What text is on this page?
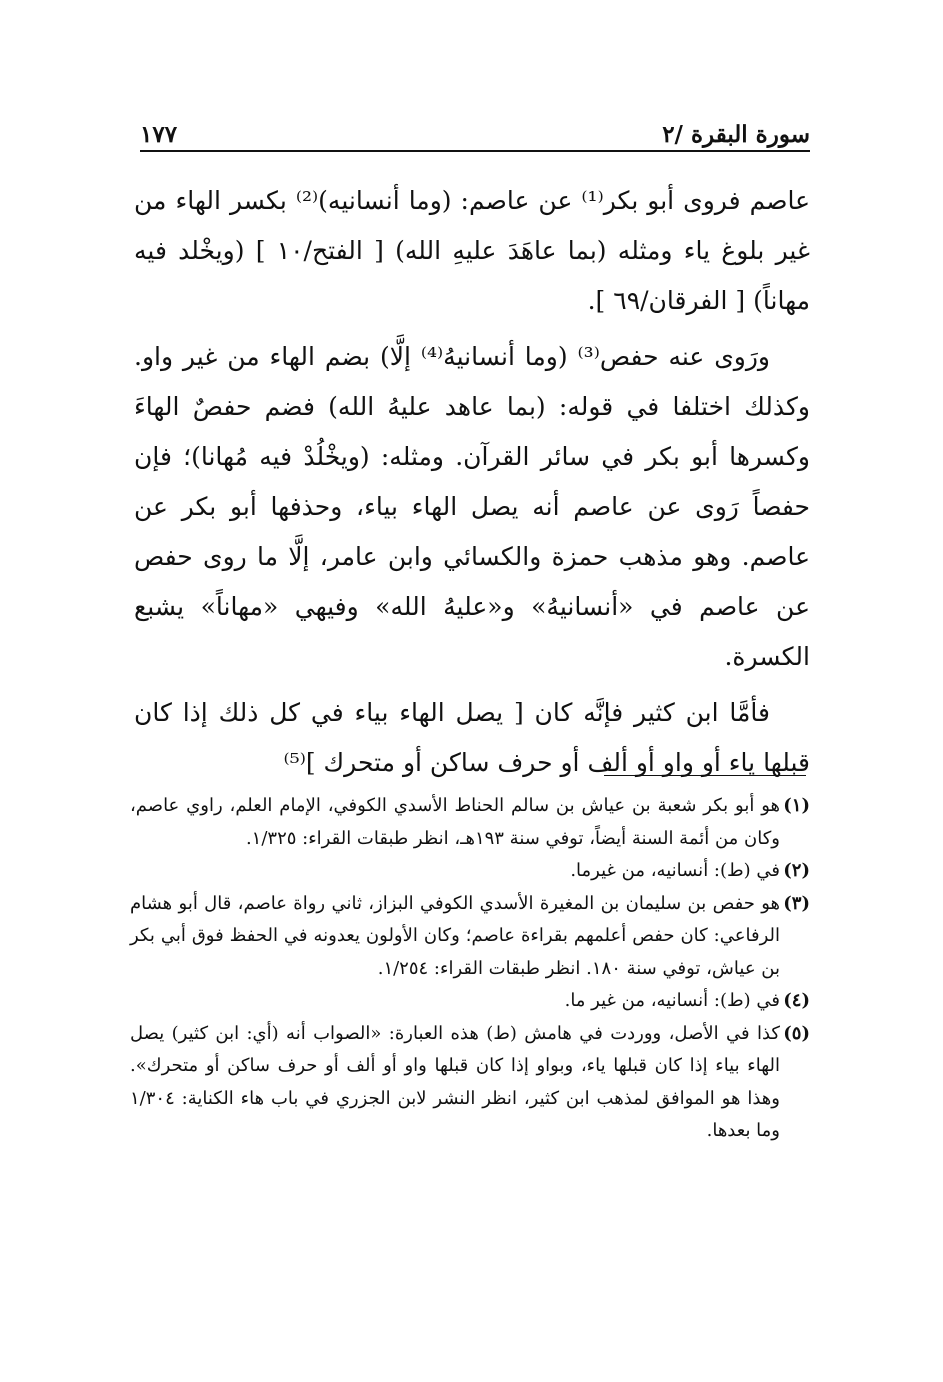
سورة البقرة /٢
١٧٧

عاصم فروى أبو بكر⁽¹⁾ عن عاصم: (وما أنسانيه)⁽²⁾ بكسر الهاء من غير بلوغ ياء ومثله (بما عاهَدَ عليهِ الله) [ الفتح/١٠ ] (ويخْلد فيه مهاناً) [ الفرقان/٦٩ ].

ورَوى عنه حفص⁽³⁾ (وما أنسانيهُ⁽⁴⁾ إلَّا) بضم الهاء من غير واو. وكذلك اختلفا في قوله: (بما عاهد عليهُ الله) فضم حفصٌ الهاءَ وكسرها أبو بكر في سائر القرآن. ومثله: (ويخْلُدْ فيه مُهانا)؛ فإن حفصاً رَوى عن عاصم أنه يصل الهاء بياء، وحذفها أبو بكر عن عاصم. وهو مذهب حمزة والكسائي وابن عامر، إلَّا ما روى حفص عن عاصم في «أنسانيهُ» و«عليهُ الله» وفيهي «مهاناً» يشبع الكسرة.

فأمَّا ابن كثير فإنَّه كان [ يصل الهاء بياء في كل ذلك إذا كان قبلها ياء أو واو أو ألف أو حرف ساكن أو متحرك ]⁽⁵⁾

(١)
هو أبو بكر شعبة بن عياش بن سالم الحناط الأسدي الكوفي، الإمام العلم، راوي عاصم، وكان من أئمة السنة أيضاً، توفي سنة ١٩٣هـ، انظر طبقات القراء: ١/٣٢٥.
(٢)
في (ط): أنسانيه، من غيرما.
(٣)
هو حفص بن سليمان بن المغيرة الأسدي الكوفي البزاز، ثاني رواة عاصم، قال أبو هشام الرفاعي: كان حفص أعلمهم بقراءة عاصم؛ وكان الأولون يعدونه في الحفظ فوق أبي بكر بن عياش، توفي سنة ١٨٠. انظر طبقات القراء: ١/٢٥٤.
(٤)
في (ط): أنسانيه، من غير ما.
(٥)
كذا في الأصل، ووردت في هامش (ط) هذه العبارة: «الصواب أنه (أي: ابن كثير) يصل الهاء بياء إذا كان قبلها ياء، وبواو إذا كان قبلها واو أو ألف أو حرف ساكن أو متحرك». وهذا هو الموافق لمذهب ابن كثير، انظر النشر لابن الجزري في باب هاء الكناية: ١/٣٠٤ وما بعدها.
